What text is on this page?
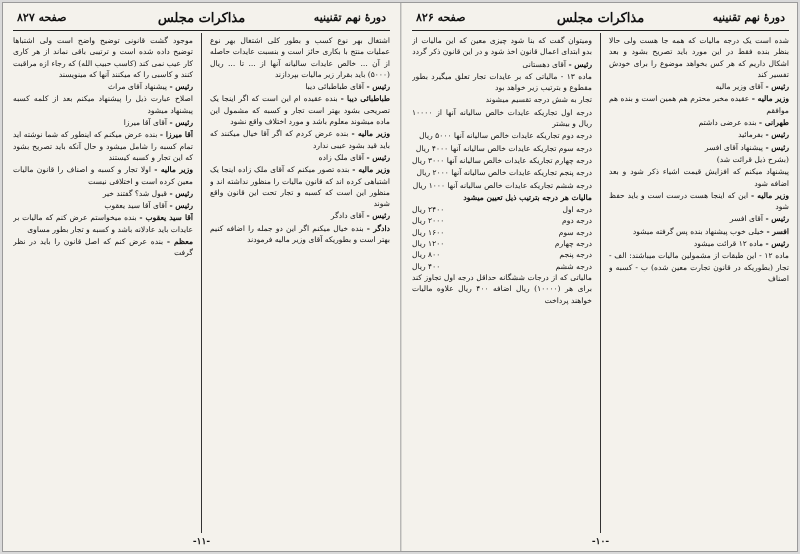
دورهٔ نهم تقنینیه
مذاکرات مجلس
صفحه ۸۲۷

اشتغال بهر نوع کسب و بطور کلی اشتغال بهر نوع عملیات منتج با بکاری حائز است و بنسبت عایدات حاصله از آن ... خالص عایدات سالیانه آنها از ... تا ... ریال (۵۰۰۰) باید بقرار زیر مالیات بپردازند

رئیس - آقای طباطبائی دیبا

طباطبائی دیبا - بنده عقیده ام این است که اگر اینجا یک تصریحی بشود بهتر است تجار و کسبه که مشمول این ماده میشوند معلوم باشد و مورد اختلاف واقع نشود

وزیر مالیه - بنده عرض کردم که اگر آقا خیال میکنند که باید قید بشود عیبی ندارد

رئیس - آقای ملک زاده

وزیر مالیه - بنده تصور میکنم که آقای ملک زاده اینجا یک اشتباهی کرده اند که قانون مالیات را منظور نداشته اند و منظور این است که کسبه و تجار تحت این قانون واقع شوند

رئیس - آقای دادگر

دادگر - بنده خیال میکنم اگر این دو جمله را اضافه کنیم بهتر است و بطوریکه آقای وزیر مالیه فرمودند

موجود گشت قانونی توضیح واضح است ولی اشتباها توضیح داده شده است و ترتیبی باقی نماند از هر کاری کار عیب نمی کند (کاسب حبیب الله) که رجاء ازه مراقبت کنند و کاسبی را که میکنند آنها که مینویسند

رئیس - پیشنهاد آقای مراث

اصلاح عبارت ذیل را پیشنهاد میکنم بعد از کلمه کسبه پیشنهاد میشود

رئیس - آقای آقا میرزا

آقا میرزا - بنده عرض میکنم که اینطور که شما نوشته اید تمام کسبه را شامل میشود و حال آنکه باید تصریح بشود که این تجار و کسبه کیستند

وزیر مالیه - اولا تجار و کسبه و اصناف را قانون مالیات معین کرده است و اختلافی نیست

رئیس - قبول شد؟ گفتند خیر

رئیس - آقای آقا سید یعقوب

آقا سید یعقوب - بنده میخواستم عرض کنم که مالیات بر عایدات باید عادلانه باشد و کسبه و تجار بطور مساوی

معظم - بنده عرض کنم که اصل قانون را باید در نظر گرفت

-۱۱-
دورهٔ نهم تقنینیه
مذاکرات مجلس
صفحه ۸۲۶

شده است یک درجه مالیات که همه جا هست ولی حالا بنظر بنده فقط در این مورد باید تصریح بشود و بعد اشکال داریم که هر کس بخواهد موضوع را برای خودش تفسیر کند

رئیس - آقای وزیر مالیه

وزیر مالیه - عقیده مخبر محترم هم همین است و بنده هم موافقم

طهرانی - بنده عرضی داشتم

رئیس - بفرمائید

رئیس - پیشنهاد آقای افسر

(بشرح ذیل قرائت شد)

پیشنهاد میکنم که افزایش قیمت اشیاء ذکر شود و بعد اضافه شود

وزیر مالیه - این که اینجا هست درست است و باید حفظ شود

رئیس - آقای افسر

افسر - خیلی خوب پیشنهاد بنده پس گرفته میشود

رئیس - ماده ۱۲ قرائت میشود

ماده ۱۲ - این طبقات از مشمولین مالیات میباشند: الف - تجار (بطوریکه در قانون تجارت معین شده) ب - کسبه و اصناف

ومیتوان گفت که بنا شود چیزی معین که این مالیات از بدو ابتدای اعمال قانون اخذ شود و در این قانون ذکر گردد

رئیس - آقای دهستانی

ماده ۱۳ - مالیاتی که بر عایدات تجار تعلق میگیرد بطور مقطوع و بترتیب زیر خواهد بود

تجار به شش درجه تقسیم میشوند

درجه اول تجاریکه عایدات خالص سالیانه آنها از ۱۰۰۰۰ ریال و بیشتر

درجه دوم تجاریکه عایدات خالص سالیانه آنها ۵۰۰۰ ریال

درجه سوم تجاریکه عایدات خالص سالیانه آنها ۴۰۰۰ ریال

درجه چهارم تجاریکه عایدات خالص سالیانه آنها ۳۰۰۰ ریال

درجه پنجم تجاریکه عایدات خالص سالیانه آنها ۲۰۰۰ ریال

درجه ششم تجاریکه عایدات خالص سالیانه آنها ۱۰۰۰ ریال

مالیات هر درجه بترتیب ذیل تعیین میشود

درجه اول
۲۴۰۰ ریال
درجه دوم
۲۰۰۰ ریال
درجه سوم
۱۶۰۰ ریال
درجه چهارم
۱۲۰۰ ریال
درجه پنجم
۸۰۰ ریال
درجه ششم
۴۰۰ ریال

مالیاتی که از درجات ششگانه حداقل درجه اول تجاوز کند برای هر (۱۰۰۰۰) ریال اضافه ۴۰۰ ریال علاوه مالیات خواهند پرداخت

-۱۰-
